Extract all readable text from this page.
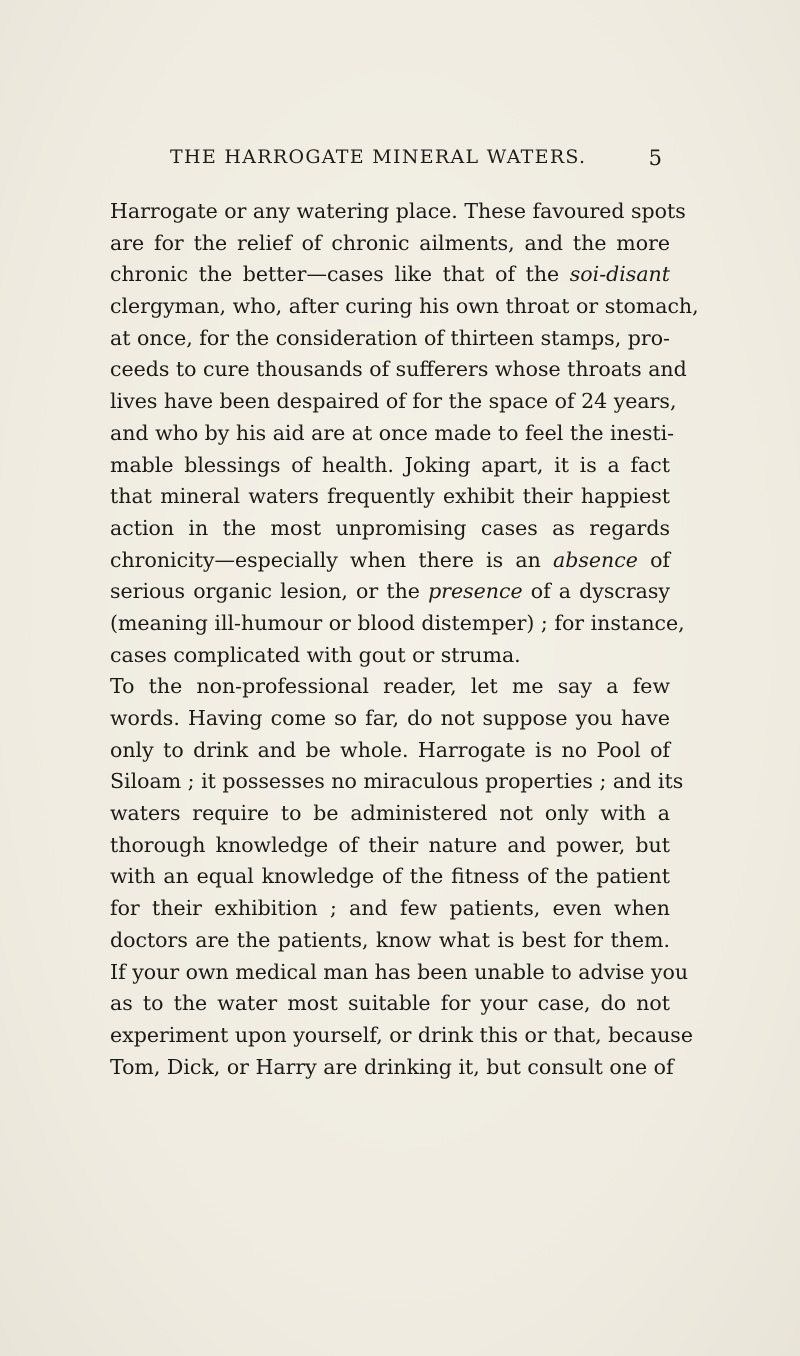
THE HARROGATE MINERAL WATERS.	5
Harrogate or any watering place. These favoured spots
are for the relief of chronic ailments, and the more
chronic the better—cases like that of the soi-disant
clergyman, who, after curing his own throat or stomach,
at once, for the consideration of thirteen stamps, pro-
ceeds to cure thousands of sufferers whose throats and
lives have been despaired of for the space of 24 years,
and who by his aid are at once made to feel the inesti-
mable blessings of health. Joking apart, it is a fact
that mineral waters frequently exhibit their happiest
action in the most unpromising cases as regards
chronicity—especially when there is an absence of
serious organic lesion, or the presence of a dyscrasy
(meaning ill-humour or blood distemper) ; for instance,
cases complicated with gout or struma.
To the non-professional reader, let me say a few
words. Having come so far, do not suppose you have
only to drink and be whole. Harrogate is no Pool of
Siloam ; it possesses no miraculous properties ; and its
waters require to be administered not only with a
thorough knowledge of their nature and power, but
with an equal knowledge of the fitness of the patient
for their exhibition ; and few patients, even when
doctors are the patients, know what is best for them.
If your own medical man has been unable to advise you
as to the water most suitable for your case, do not
experiment upon yourself, or drink this or that, because
Tom, Dick, or Harry are drinking it, but consult one of
